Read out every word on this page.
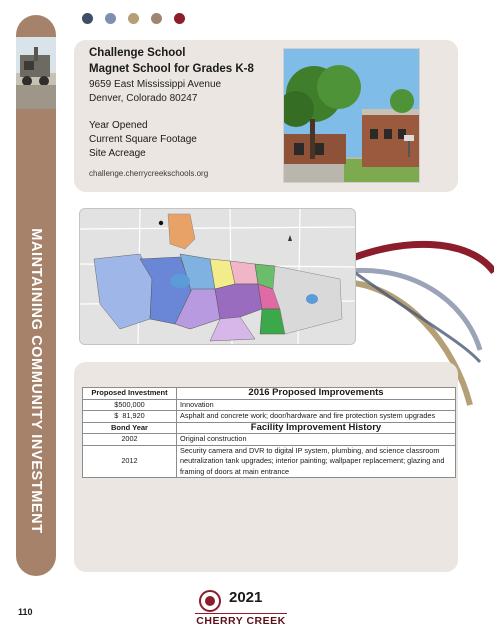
MAINTAINING COMMUNITY INVESTMENT
Challenge School
Magnet School for Grades K-8
9659 East Mississippi Avenue
Denver, Colorado 80247
Year Opened
Current Square Footage
Site Acreage
challenge.cherrycreekschools.org
Proposed Investment	2016 Proposed Improvements
$500,000	Innovation
$  81,920	Asphalt and concrete work; door/hardware and fire protection system upgrades
Bond Year	Facility Improvement History
2002	Original construction
2012	Security camera and DVR to digital IP system, plumbing, and science classroom neutralization tank upgrades; interior painting; wallpaper replacement; glazing and framing of doors at main entrance
110
2021
CHERRY CREEK
